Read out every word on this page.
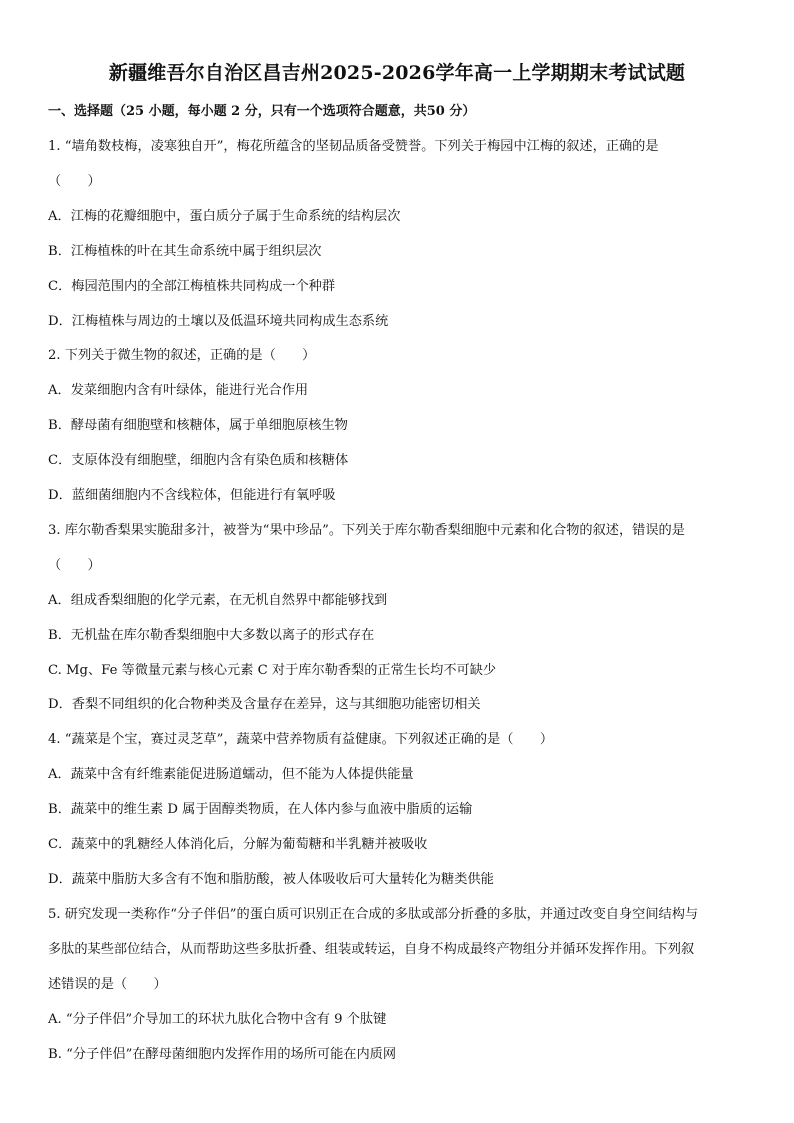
新疆维吾尔自治区昌吉州2025-2026学年高一上学期期末考试试题
一、选择题（25 小题，每小题 2 分，只有一个选项符合题意，共50 分）
1. “墙角数枝梅，凌寒独自开”，梅花所蕴含的坚韧品质备受赞誉。下列关于梅园中江梅的叙述，正确的是
（　　）
A．江梅的花瓣细胞中，蛋白质分子属于生命系统的结构层次
B．江梅植株的叶在其生命系统中属于组织层次
C．梅园范围内的全部江梅植株共同构成一个种群
D．江梅植株与周边的土壤以及低温环境共同构成生态系统
2. 下列关于微生物的叙述，正确的是（　　）
A．发菜细胞内含有叶绿体，能进行光合作用
B．酵母菌有细胞壁和核糖体，属于单细胞原核生物
C．支原体没有细胞壁，细胞内含有染色质和核糖体
D．蓝细菌细胞内不含线粒体，但能进行有氧呼吸
3. 库尔勒香梨果实脆甜多汁，被誉为“果中珍品”。下列关于库尔勒香梨细胞中元素和化合物的叙述，错误的是
（　　）
A．组成香梨细胞的化学元素，在无机自然界中都能够找到
B．无机盐在库尔勒香梨细胞中大多数以离子的形式存在
C. Mg、Fe 等微量元素与核心元素 C 对于库尔勒香梨的正常生长均不可缺少
D．香梨不同组织的化合物种类及含量存在差异，这与其细胞功能密切相关
4. “蔬菜是个宝，赛过灵芝草”，蔬菜中营养物质有益健康。下列叙述正确的是（　　）
A．蔬菜中含有纤维素能促进肠道蠕动，但不能为人体提供能量
B．蔬菜中的维生素 D 属于固醇类物质，在人体内参与血液中脂质的运输
C．蔬菜中的乳糖经人体消化后，分解为葡萄糖和半乳糖并被吸收
D．蔬菜中脂肪大多含有不饱和脂肪酸，被人体吸收后可大量转化为糖类供能
5. 研究发现一类称作“分子伴侣”的蛋白质可识别正在合成的多肽或部分折叠的多肽，并通过改变自身空间结构与
多肽的某些部位结合，从而帮助这些多肽折叠、组装或转运，自身不构成最终产物组分并循环发挥作用。下列叙
述错误的是（　　）
A. “分子伴侣”介导加工的环状九肽化合物中含有 9 个肽键
B. “分子伴侣”在酵母菌细胞内发挥作用的场所可能在内质网
